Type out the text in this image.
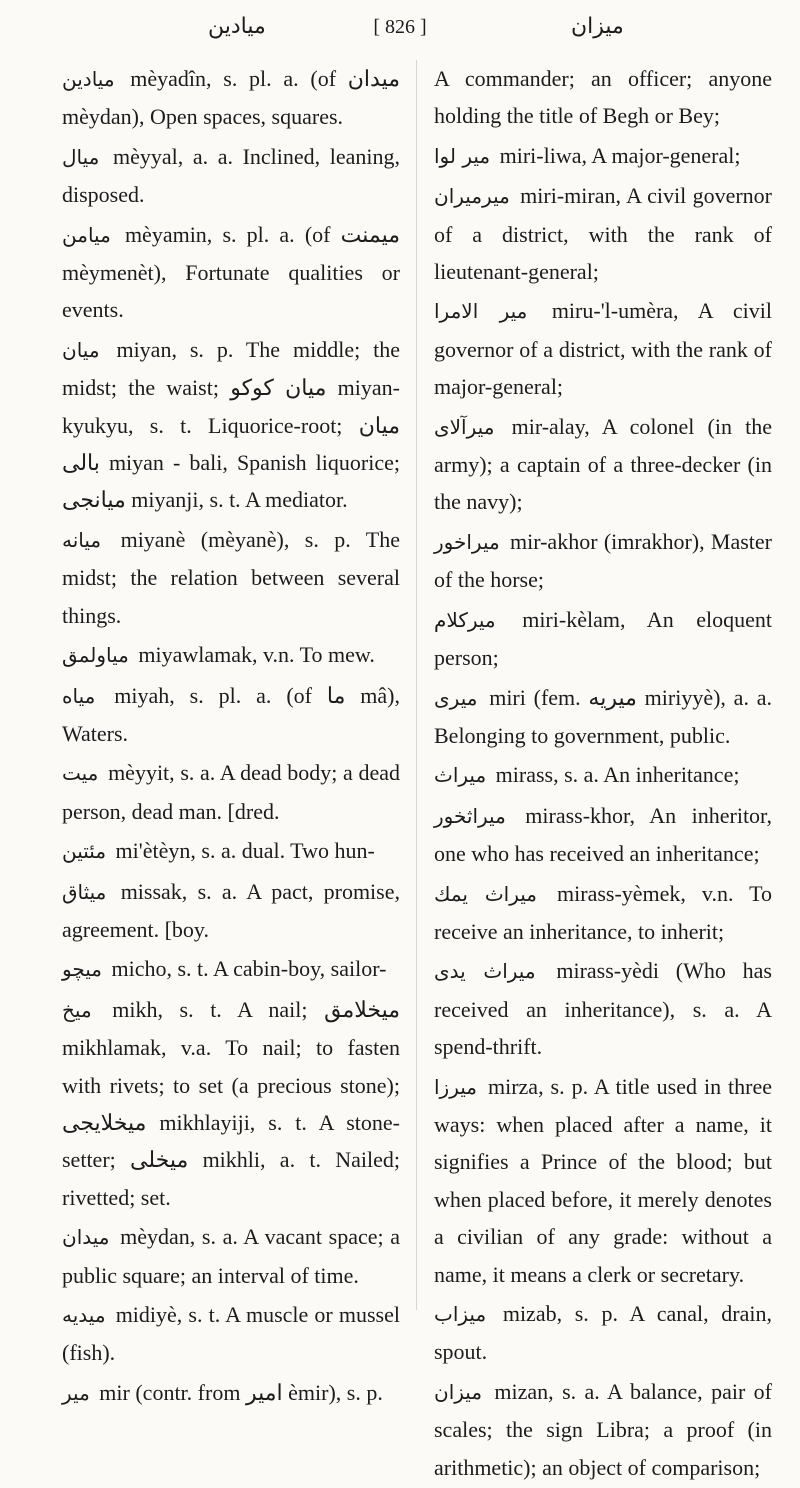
میادین	[ 826 ]	میزان
میادین mèyadîn, s. pl. a. (of میدان mèydan), Open spaces, squares.
میال mèyyal, a. a. Inclined, leaning, disposed.
میامن mèyamin, s. pl. a. (of میمنت mèymenèt), Fortunate qualities or events.
میان miyan, s. p. The middle; the midst; the waist; میان کوکو miyan-kyukyu, s. t. Liquorice-root; میان بالی miyan - bali, Spanish liquorice; میانجی miyanji, s. t. A mediator.
میانه miyanè (mèyanè), s. p. The midst; the relation between several things.
میاولمق miyawlamak, v.n. To mew.
میاه miyah, s. pl. a. (of ما mâ), Waters.
میت mèyyit, s. a. A dead body; a dead person, dead man. [dred.
مئتین mi'ètèyn, s. a. dual. Two hun-
میثاق missak, s. a. A pact, promise, agreement. [boy.
میچو micho, s. t. A cabin-boy, sailor-
میخ mikh, s. t. A nail; میخلامق mikhlamak, v.a. To nail; to fasten with rivets; to set (a precious stone); میخلایجی mikhlayiji, s. t. A stone-setter; میخلی mikhli, a. t. Nailed; rivetted; set.
میدان mèydan, s. a. A vacant space; a public square; an interval of time.
میدیه midiyè, s. t. A muscle or mussel (fish).
میر mir (contr. from امیر èmir), s. p.
A commander; an officer; anyone holding the title of Begh or Bey;
میر لوا miri-liwa, A major-general;
میرمیران miri-miran, A civil governor of a district, with the rank of lieutenant-general;
میر الامرا miru-'l-umèra, A civil governor of a district, with the rank of major-general;
میرآلای mir-alay, A colonel (in the army); a captain of a three-decker (in the navy);
میراخور mir-akhor (imrakhor), Master of the horse;
میرکلام miri-kèlam, An eloquent person;
میری miri (fem. میریه miriyyè), a. a. Belonging to government, public.
میراث mirass, s. a. An inheritance;
میراثخور mirass-khor, An inheritor, one who has received an inheritance;
میراث یمك mirass-yèmek, v.n. To receive an inheritance, to inherit;
میراث یدی mirass-yèdi (Who has received an inheritance), s. a. A spend-thrift.
میرزا mirza, s. p. A title used in three ways: when placed after a name, it signifies a Prince of the blood; but when placed before, it merely denotes a civilian of any grade: without a name, it means a clerk or secretary.
میزاب mizab, s. p. A canal, drain, spout.
میزان mizan, s. a. A balance, pair of scales; the sign Libra; a proof (in arithmetic); an object of comparison;
